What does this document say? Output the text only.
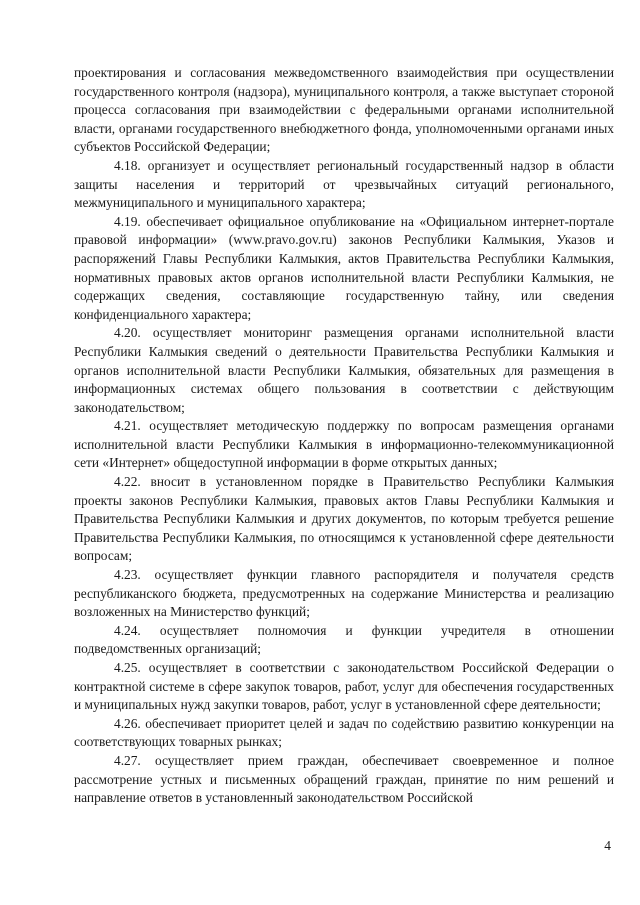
проектирования и согласования межведомственного взаимодействия при осуществлении государственного контроля (надзора), муниципального контроля, а также выступает стороной процесса согласования при взаимодействии с федеральными органами исполнительной власти, органами государственного внебюджетного фонда, уполномоченными органами иных субъектов Российской Федерации;

4.18. организует и осуществляет региональный государственный надзор в области защиты населения и территорий от чрезвычайных ситуаций регионального, межмуниципального и муниципального характера;

4.19. обеспечивает официальное опубликование на «Официальном интернет-портале правовой информации» (www.pravo.gov.ru) законов Республики Калмыкия, Указов и распоряжений Главы Республики Калмыкия, актов Правительства Республики Калмыкия, нормативных правовых актов органов исполнительной власти Республики Калмыкия, не содержащих сведения, составляющие государственную тайну, или сведения конфиденциального характера;

4.20. осуществляет мониторинг размещения органами исполнительной власти Республики Калмыкия сведений о деятельности Правительства Республики Калмыкия и органов исполнительной власти Республики Калмыкия, обязательных для размещения в информационных системах общего пользования в соответствии с действующим законодательством;

4.21. осуществляет методическую поддержку по вопросам размещения органами исполнительной власти Республики Калмыкия в информационно-телекоммуникационной сети «Интернет» общедоступной информации в форме открытых данных;

4.22. вносит в установленном порядке в Правительство Республики Калмыкия проекты законов Республики Калмыкия, правовых актов Главы Республики Калмыкия и Правительства Республики Калмыкия и других документов, по которым требуется решение Правительства Республики Калмыкия, по относящимся к установленной сфере деятельности вопросам;

4.23. осуществляет функции главного распорядителя и получателя средств республиканского бюджета, предусмотренных на содержание Министерства и реализацию возложенных на Министерство функций;

4.24. осуществляет полномочия и функции учредителя в отношении подведомственных организаций;

4.25. осуществляет в соответствии с законодательством Российской Федерации о контрактной системе в сфере закупок товаров, работ, услуг для обеспечения государственных и муниципальных нужд закупки товаров, работ, услуг в установленной сфере деятельности;

4.26. обеспечивает приоритет целей и задач по содействию развитию конкуренции на соответствующих товарных рынках;

4.27. осуществляет прием граждан, обеспечивает своевременное и полное рассмотрение устных и письменных обращений граждан, принятие по ним решений и направление ответов в установленный законодательством Российской

4
